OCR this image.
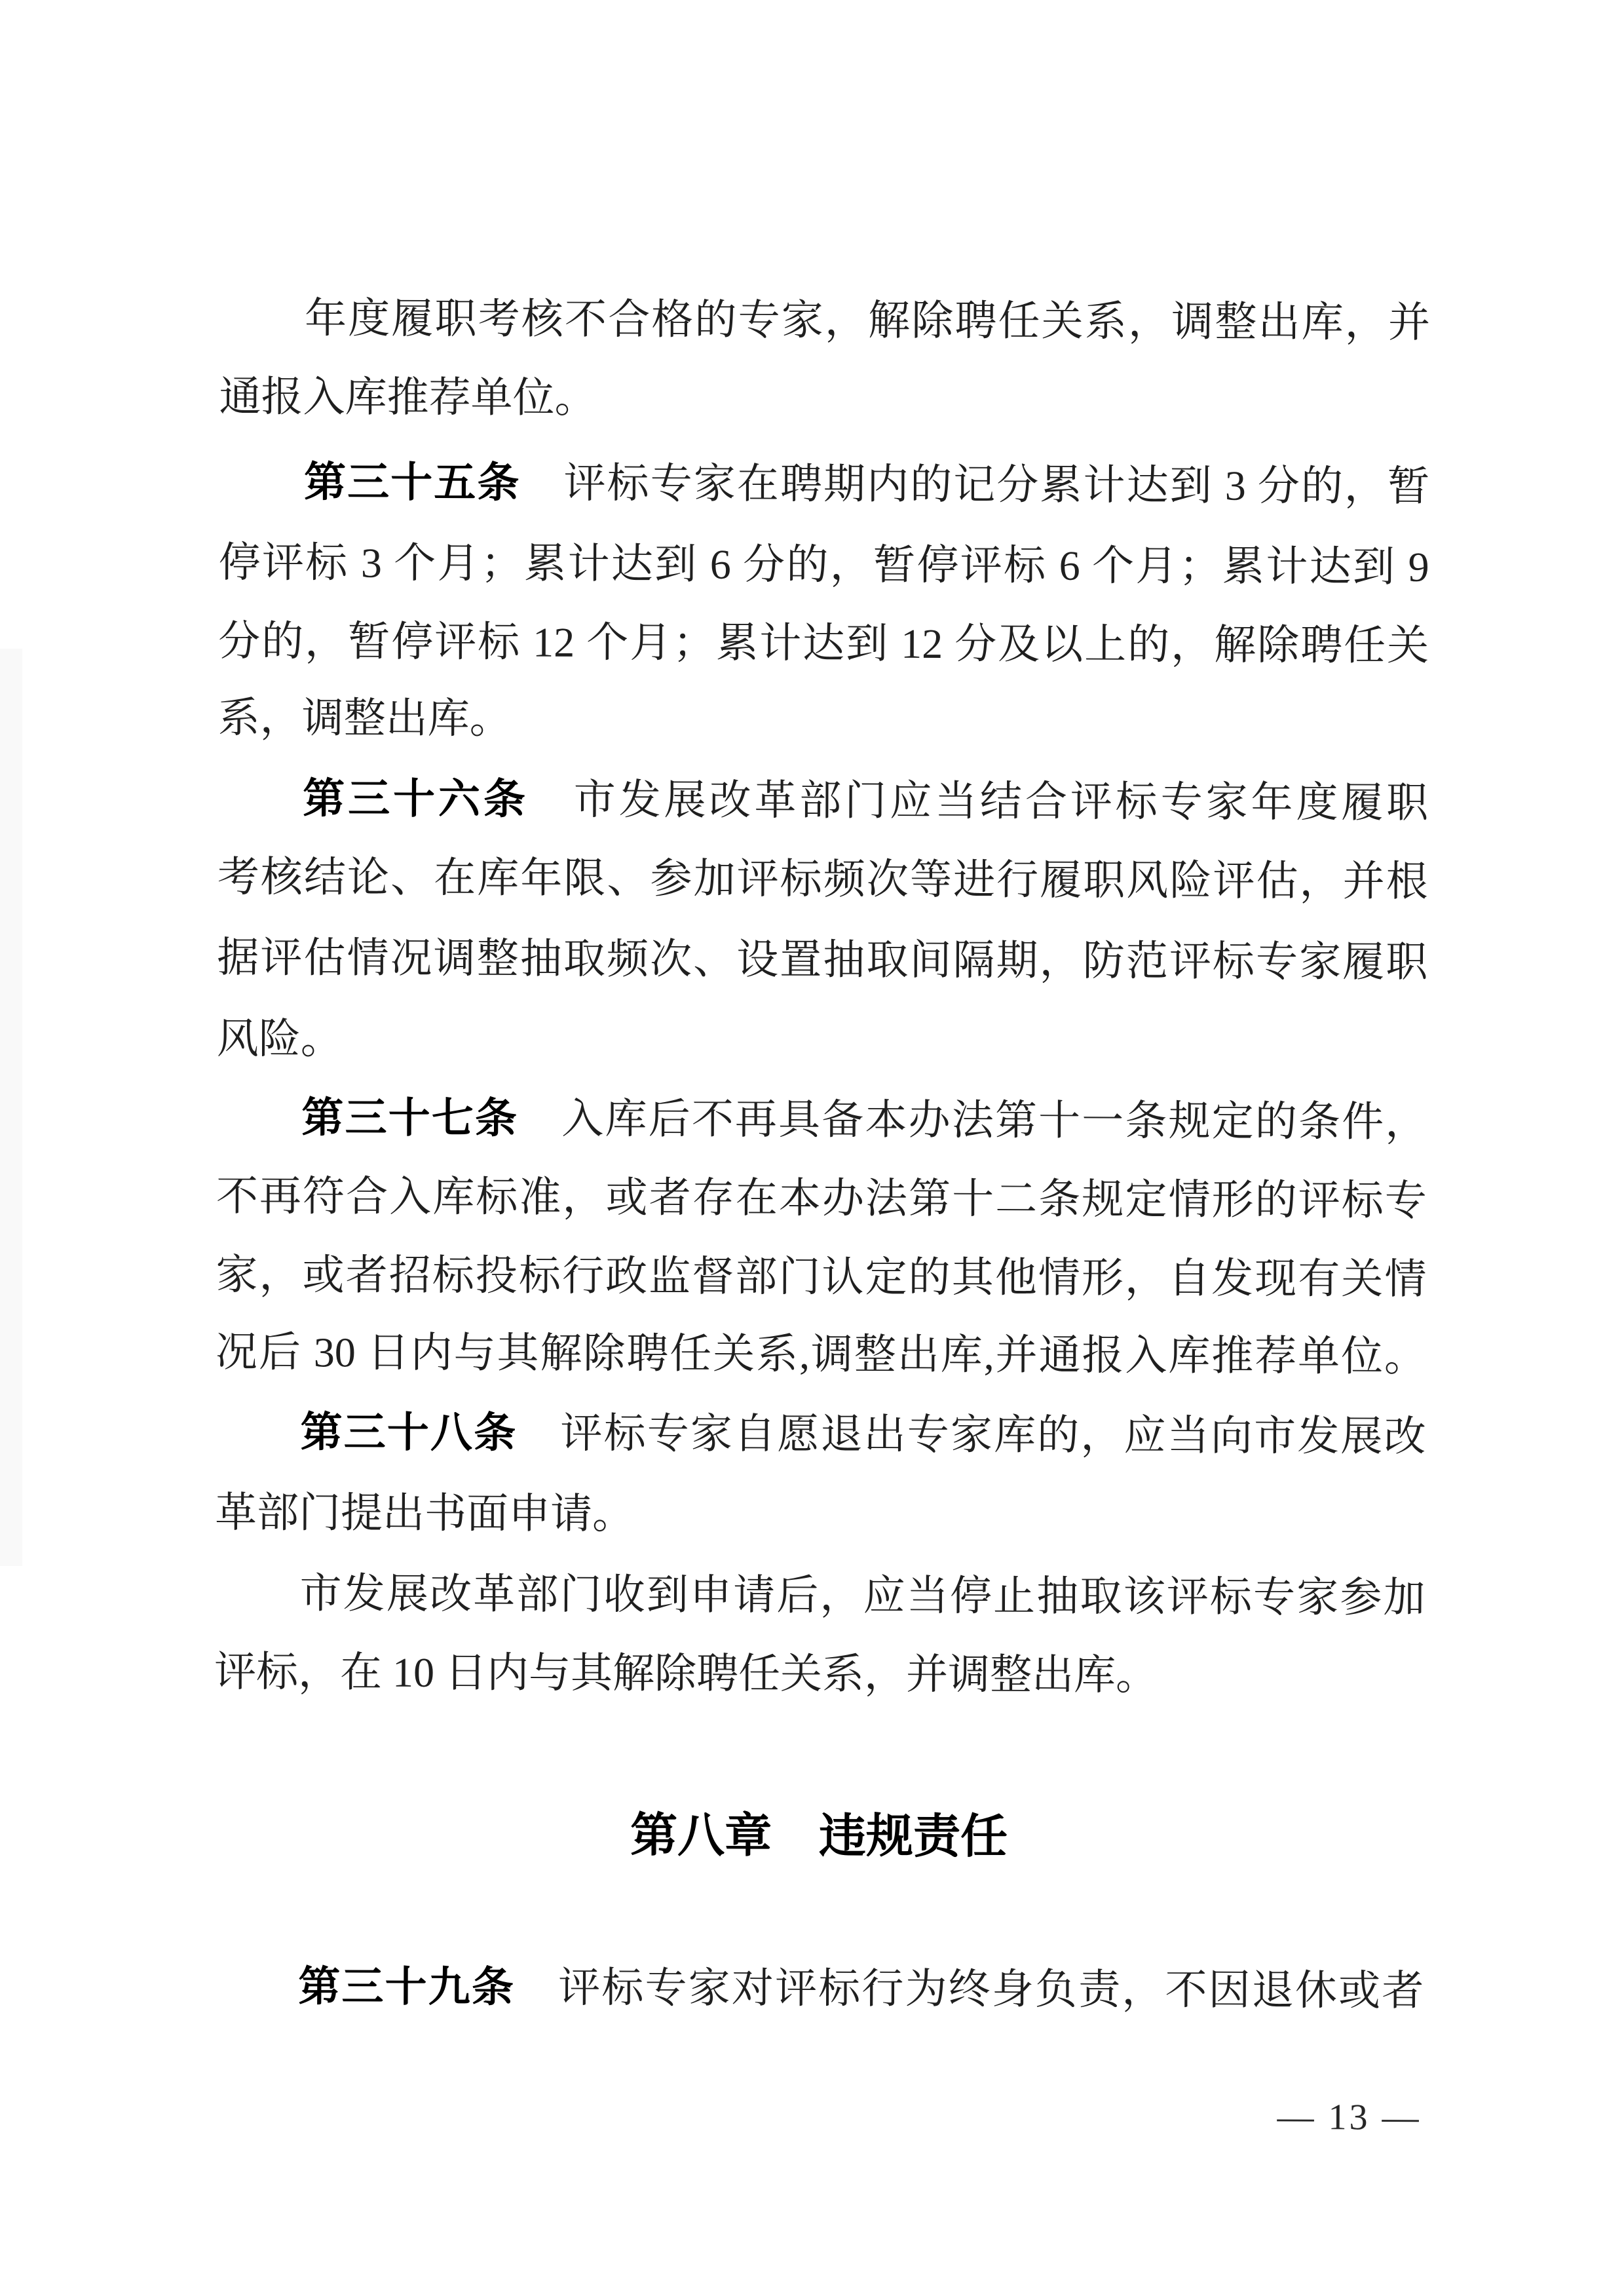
年度履职考核不合格的专家，解除聘任关系，调整出库，并
通报入库推荐单位。
第三十五条　评标专家在聘期内的记分累计达到 3 分的，暂
停评标 3 个月；累计达到 6 分的，暂停评标 6 个月；累计达到 9
分的，暂停评标 12 个月；累计达到 12 分及以上的，解除聘任关
系，调整出库。
第三十六条　市发展改革部门应当结合评标专家年度履职
考核结论、在库年限、参加评标频次等进行履职风险评估，并根
据评估情况调整抽取频次、设置抽取间隔期，防范评标专家履职
风险。
第三十七条　入库后不再具备本办法第十一条规定的条件，
不再符合入库标准，或者存在本办法第十二条规定情形的评标专
家，或者招标投标行政监督部门认定的其他情形，自发现有关情
况后 30 日内与其解除聘任关系,调整出库,并通报入库推荐单位。
第三十八条　评标专家自愿退出专家库的，应当向市发展改
革部门提出书面申请。
市发展改革部门收到申请后，应当停止抽取该评标专家参加
评标，在 10 日内与其解除聘任关系，并调整出库。
第八章　违规责任
第三十九条　评标专家对评标行为终身负责，不因退休或者
— 13 —
